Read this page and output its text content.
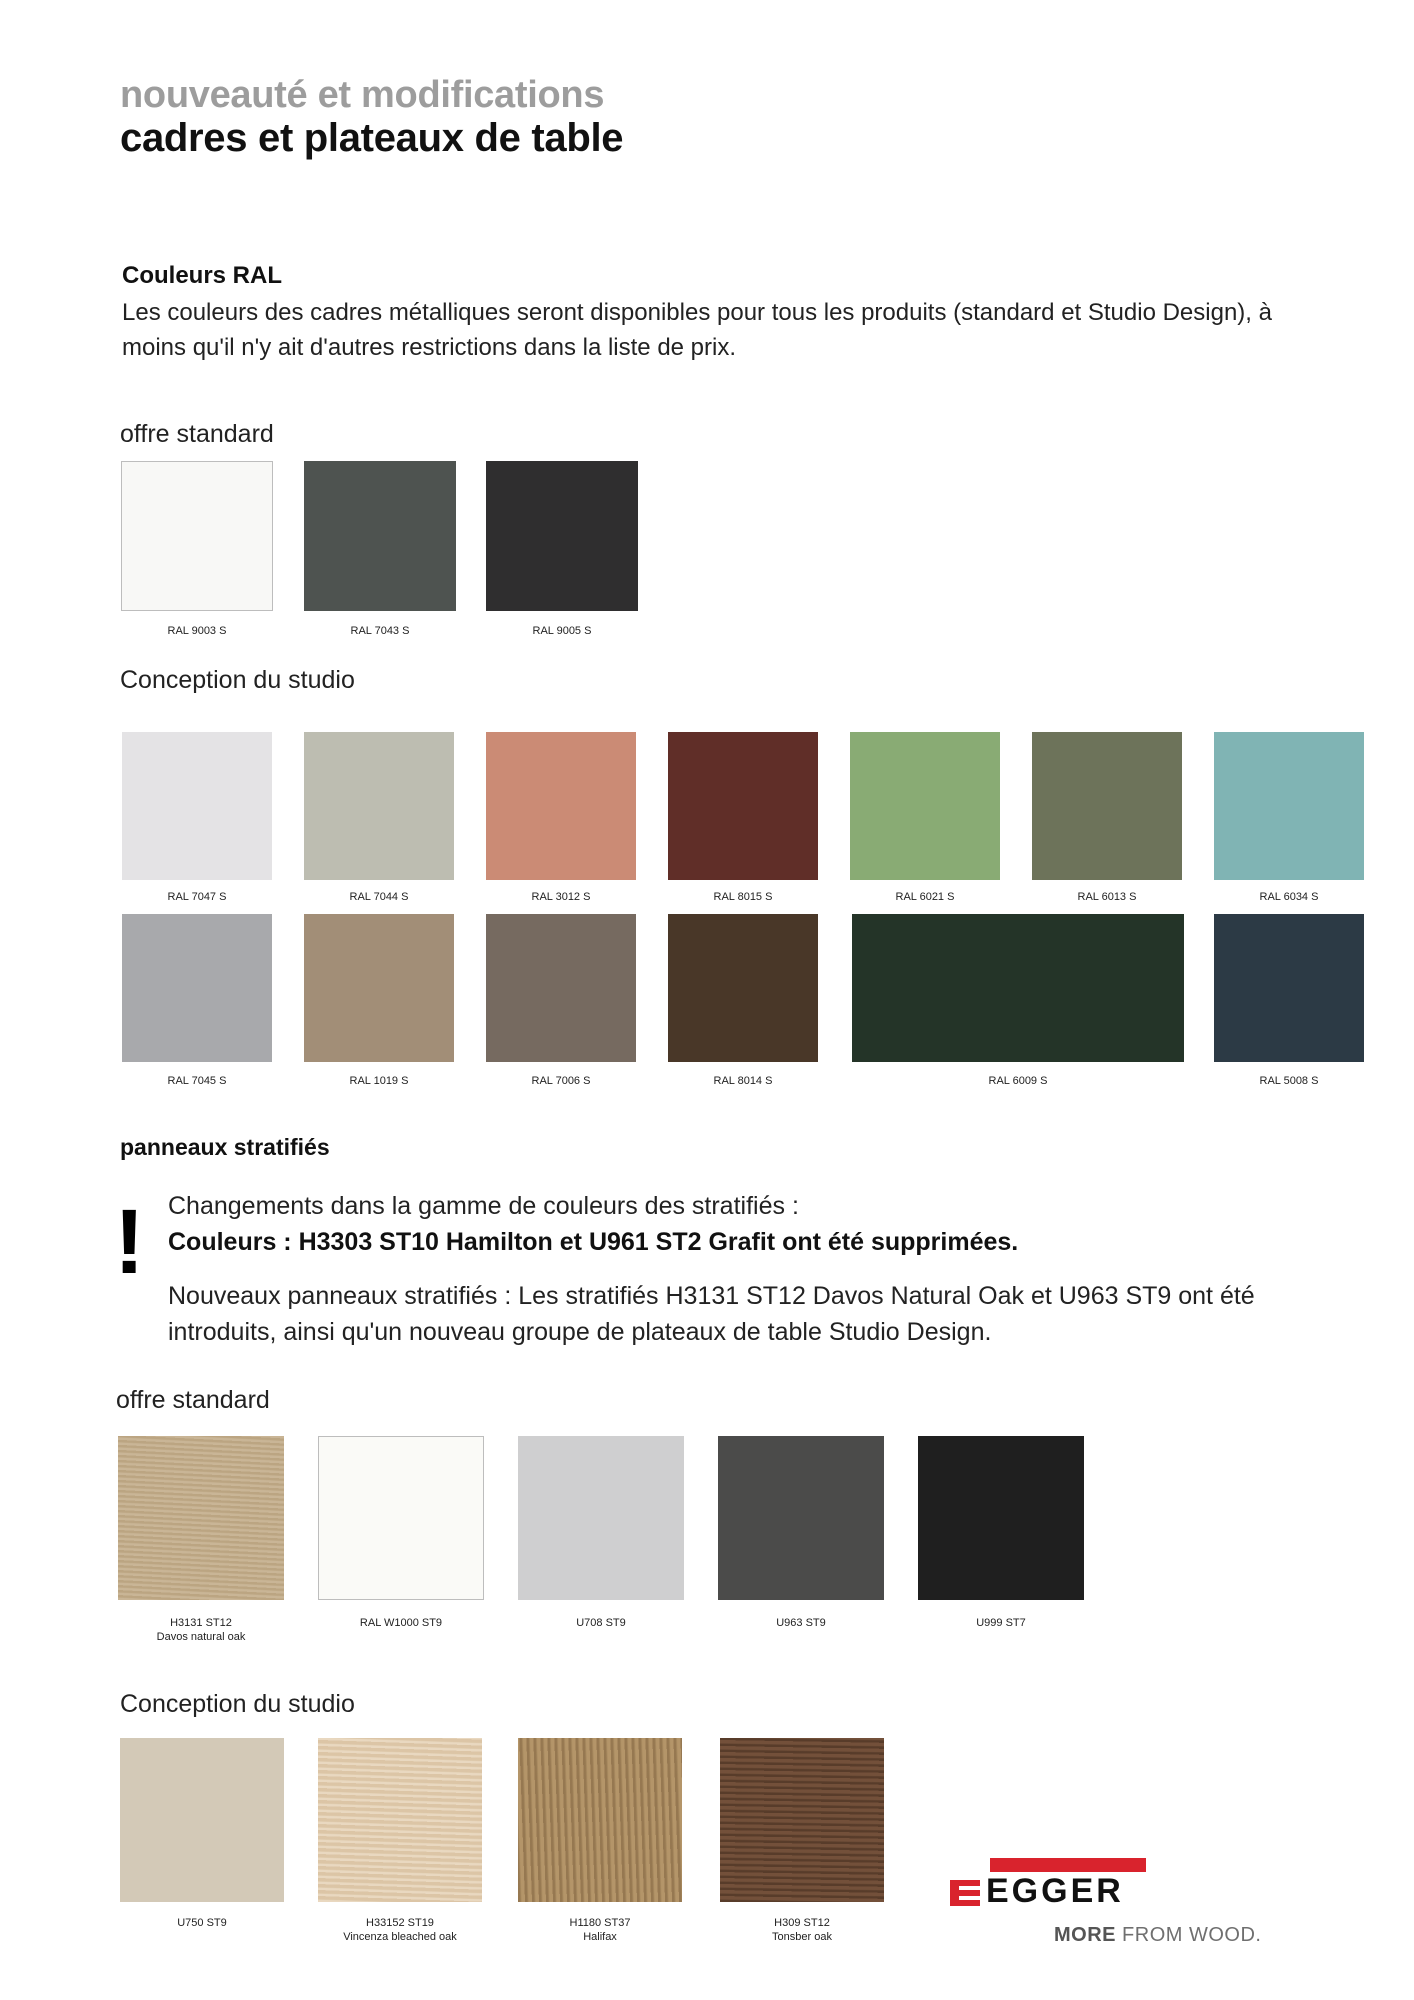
nouveauté et modifications
cadres et plateaux de table
Couleurs RAL
Les couleurs des cadres métalliques seront disponibles pour tous les produits (standard et Studio Design), à moins qu'il n'y ait d'autres restrictions dans la liste de prix.
offre standard
RAL 9003 S	RAL 7043 S	RAL 9005 S
Conception du studio
RAL 7047 S	RAL 7044 S	RAL 3012 S	RAL 8015 S	RAL 6021 S	RAL 6013 S	RAL 6034 S
RAL 7045 S	RAL 1019 S	RAL 7006 S	RAL 8014 S	RAL 6009 S	RAL 5008 S
panneaux stratifiés
! Changements dans la gamme de couleurs des stratifiés :
Couleurs : H3303 ST10 Hamilton et U961 ST2 Grafit ont été supprimées.
Nouveaux panneaux stratifiés : Les stratifiés H3131 ST12 Davos Natural Oak et U963 ST9 ont été introduits, ainsi qu'un nouveau groupe de plateaux de table Studio Design.
offre standard
H3131 ST12
Davos natural oak
RAL W1000 ST9	U708 ST9	U963 ST9	U999 ST7
Conception du studio
U750 ST9	H33152 ST19
Vincenza bleached oak
H1180 ST37
Halifax
H309 ST12
Tonsber oak
EGGER
MORE FROM WOOD.
